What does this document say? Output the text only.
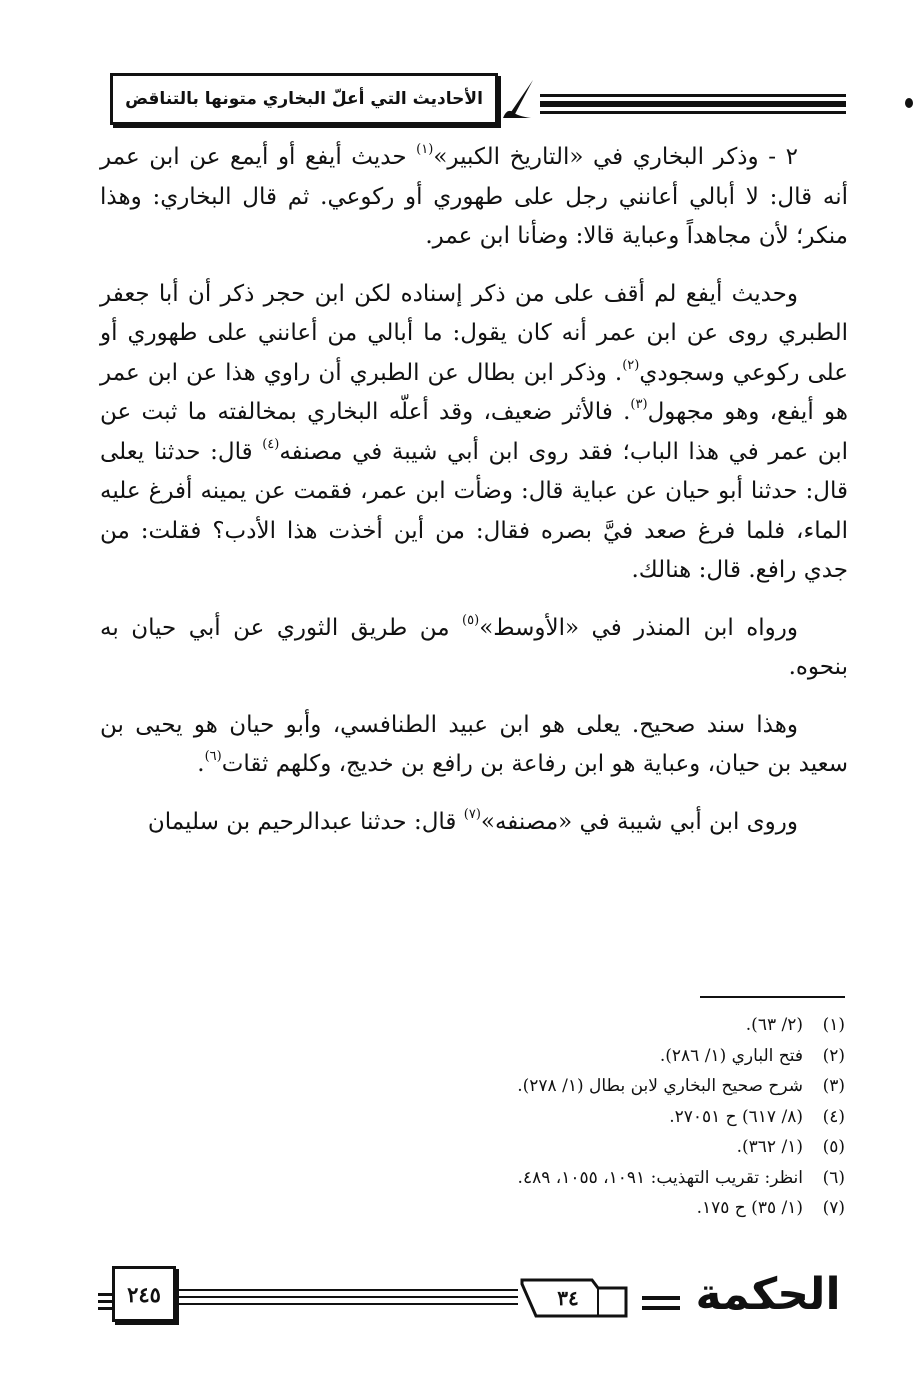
الأحاديث التي أعلّ البخاري متونها بالتناقض

٢ - وذكر البخاري في «التاريخ الكبير»$^{(١)}$ حديث أيفع أو أيمع عن ابن عمر أنه قال: لا أبالي أعانني رجل على طهوري أو ركوعي. ثم قال البخاري: وهذا منكر؛ لأن مجاهداً وعباية قالا: وضأنا ابن عمر.

وحديث أيفع لم أقف على من ذكر إسناده لكن ابن حجر ذكر أن أبا جعفر الطبري روى عن ابن عمر أنه كان يقول: ما أبالي من أعانني على طهوري أو على ركوعي وسجودي$^{(٢)}$. وذكر ابن بطال عن الطبري أن راوي هذا عن ابن عمر هو أيفع، وهو مجهول$^{(٣)}$. فالأثر ضعيف، وقد أعلّه البخاري بمخالفته ما ثبت عن ابن عمر في هذا الباب؛ فقد روى ابن أبي شيبة في مصنفه$^{(٤)}$ قال: حدثنا يعلى قال: حدثنا أبو حيان عن عباية قال: وضأت ابن عمر، فقمت عن يمينه أفرغ عليه الماء، فلما فرغ صعد فيَّ بصره فقال: من أين أخذت هذا الأدب؟ فقلت: من جدي رافع. قال: هنالك.

ورواه ابن المنذر في «الأوسط»$^{(٥)}$ من طريق الثوري عن أبي حيان به بنحوه.

وهذا سند صحيح. يعلى هو ابن عبيد الطنافسي، وأبو حيان هو يحيى بن سعيد بن حيان، وعباية هو ابن رفاعة بن رافع بن خديج، وكلهم ثقات$^{(٦)}$.

وروى ابن أبي شيبة في «مصنفه»$^{(٧)}$ قال: حدثنا عبدالرحيم بن سليمان

(١)
(٢/ ٦٣).
(٢)
فتح الباري (١/ ٢٨٦).
(٣)
شرح صحيح البخاري لابن بطال (١/ ٢٧٨).
(٤)
(٨/ ٦١٧) ح ٢٧٠٥١.
(٥)
(١/ ٣٦٢).
(٦)
انظر: تقريب التهذيب: ١٠٩١، ١٠٥٥، ٤٨٩.
(٧)
(١/ ٣٥) ح ١٧٥.
٢٤٥	٣٤	الحكمة
